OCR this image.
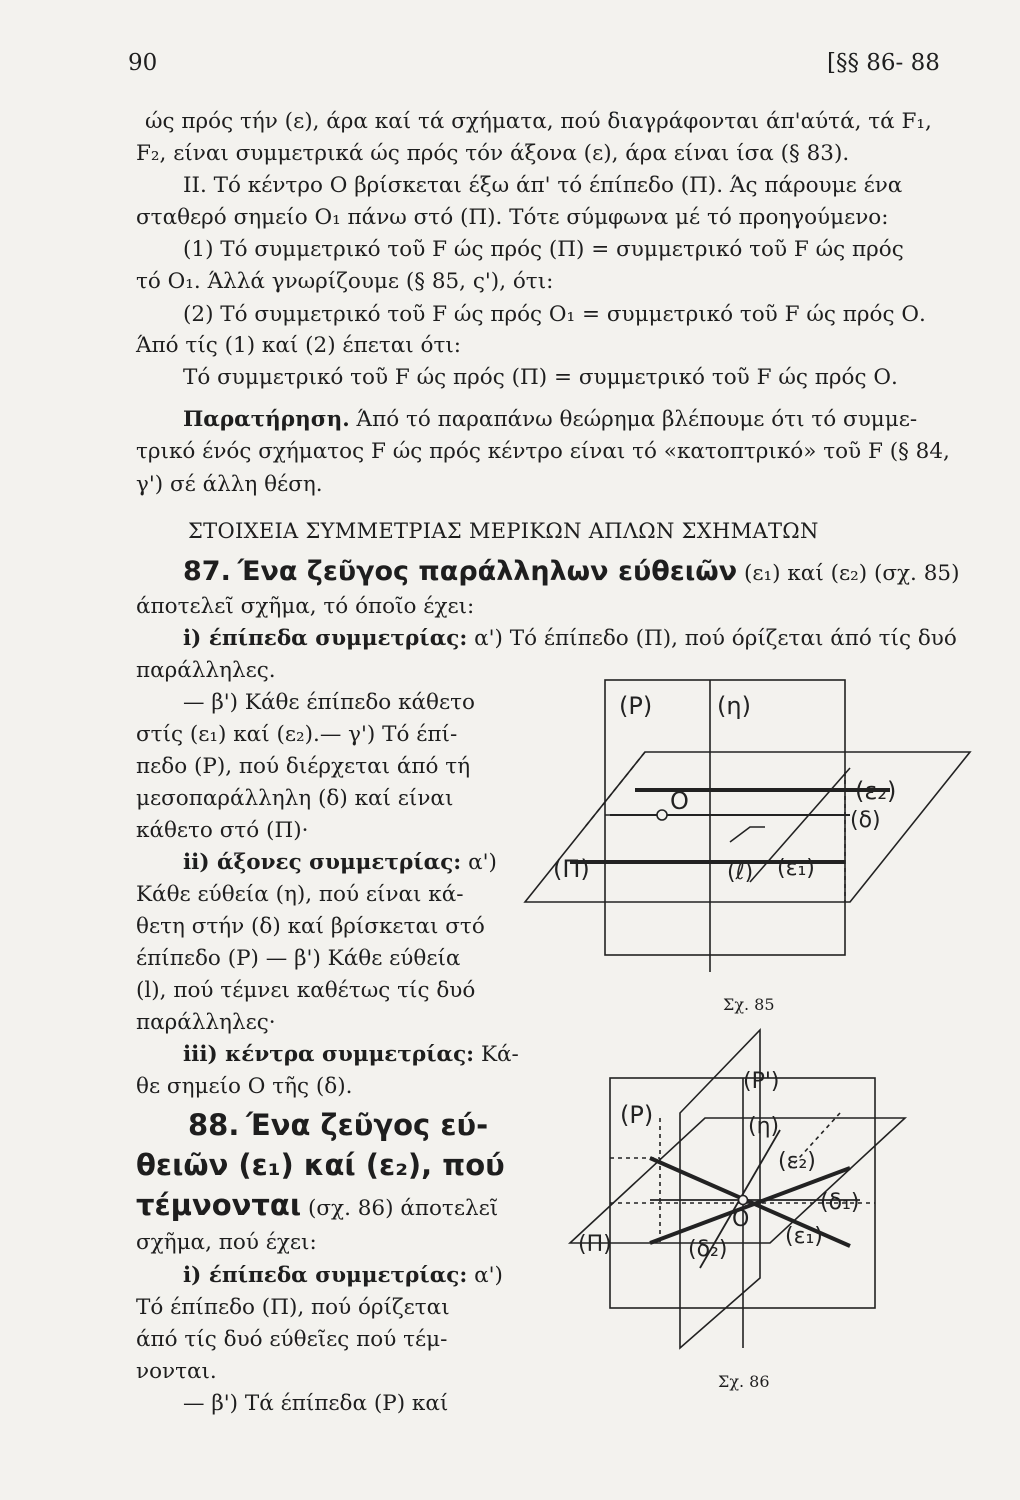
90	[§§ 86- 88
ώς πρός τήν (ε), άρα καί τά σχήματα, πού διαγράφονται άπ'αύτά, τά F₁,
F₂, είναι συμμετρικά ώς πρός τόν άξονα (ε), άρα είναι ίσα (§ 83).
II. Τό κέντρο Ο βρίσκεται έξω άπ' τό έπίπεδο (Π). Άς πάρουμε ένα
σταθερό σημείο Ο₁ πάνω στό (Π). Τότε σύμφωνα μέ τό προηγούμενο:
(1) Τό συμμετρικό τοῦ F ώς πρός (Π) = συμμετρικό τοῦ F ώς πρός
τό Ο₁. Άλλά γνωρίζουμε (§ 85, ς'), ότι:
(2) Τό συμμετρικό τοῦ F ώς πρός Ο₁ = συμμετρικό τοῦ F ώς πρός Ο.
Άπό τίς (1) καί (2) έπεται ότι:
Τό συμμετρικό τοῦ F ώς πρός (Π) = συμμετρικό τοῦ F ώς πρός Ο.
Παρατήρηση. Άπό τό παραπάνω θεώρημα βλέπουμε ότι τό συμμε-
τρικό ένός σχήματος F ώς πρός κέντρο είναι τό «κατοπτρικό» τοῦ F (§ 84,
γ') σέ άλλη θέση.
ΣΤΟΙΧΕΙΑ ΣΥΜΜΕΤΡΙΑΣ ΜΕΡΙΚΩΝ ΑΠΛΩΝ ΣΧΗΜΑΤΩΝ
87. Ένα ζεῦγος παράλληλων εύθειῶν (ε₁) καί (ε₂) (σχ. 85)
άποτελεῖ σχῆμα, τό όποῖο έχει:
i) έπίπεδα συμμετρίας: α') Τό έπίπεδο (Π), πού όρίζεται άπό τίς δυό
παράλληλες.
— β') Κάθε έπίπεδο κάθετο
στίς (ε₁) καί (ε₂).— γ') Τό έπί-
πεδο (Ρ), πού διέρχεται άπό τή
μεσοπαράλληλη (δ) καί είναι
κάθετο στό (Π)·
ii) άξονες συμμετρίας: α')
Κάθε εύθεία (η), πού είναι κά-
θετη στήν (δ) καί βρίσκεται στό
έπίπεδο (Ρ) — β') Κάθε εύθεία
(l), πού τέμνει καθέτως τίς δυό
παράλληλες·
iii) κέντρα συμμετρίας: Κά-
θε σημείο Ο τῆς (δ).
88. Ένα ζεῦγος εύ-
θειῶν (ε₁) καί (ε₂), πού
τέμνονται (σχ. 86) άποτελεῖ
σχῆμα, πού έχει:
i) έπίπεδα συμμετρίας: α')
Τό έπίπεδο (Π), πού όρίζεται
άπό τίς δυό εύθεῖες πού τέμ-
νονται.
— β') Τά έπίπεδα (Ρ) καί
(P)	(η)
(ε₂)
(δ)
O
(Π)	(ℓ) (ε₁)
Σχ. 85
(P')
(P)	(η)
(ε₂)
(δ₁)
O
(Π)	(δ₂)
(ε₁)
Σχ. 86
